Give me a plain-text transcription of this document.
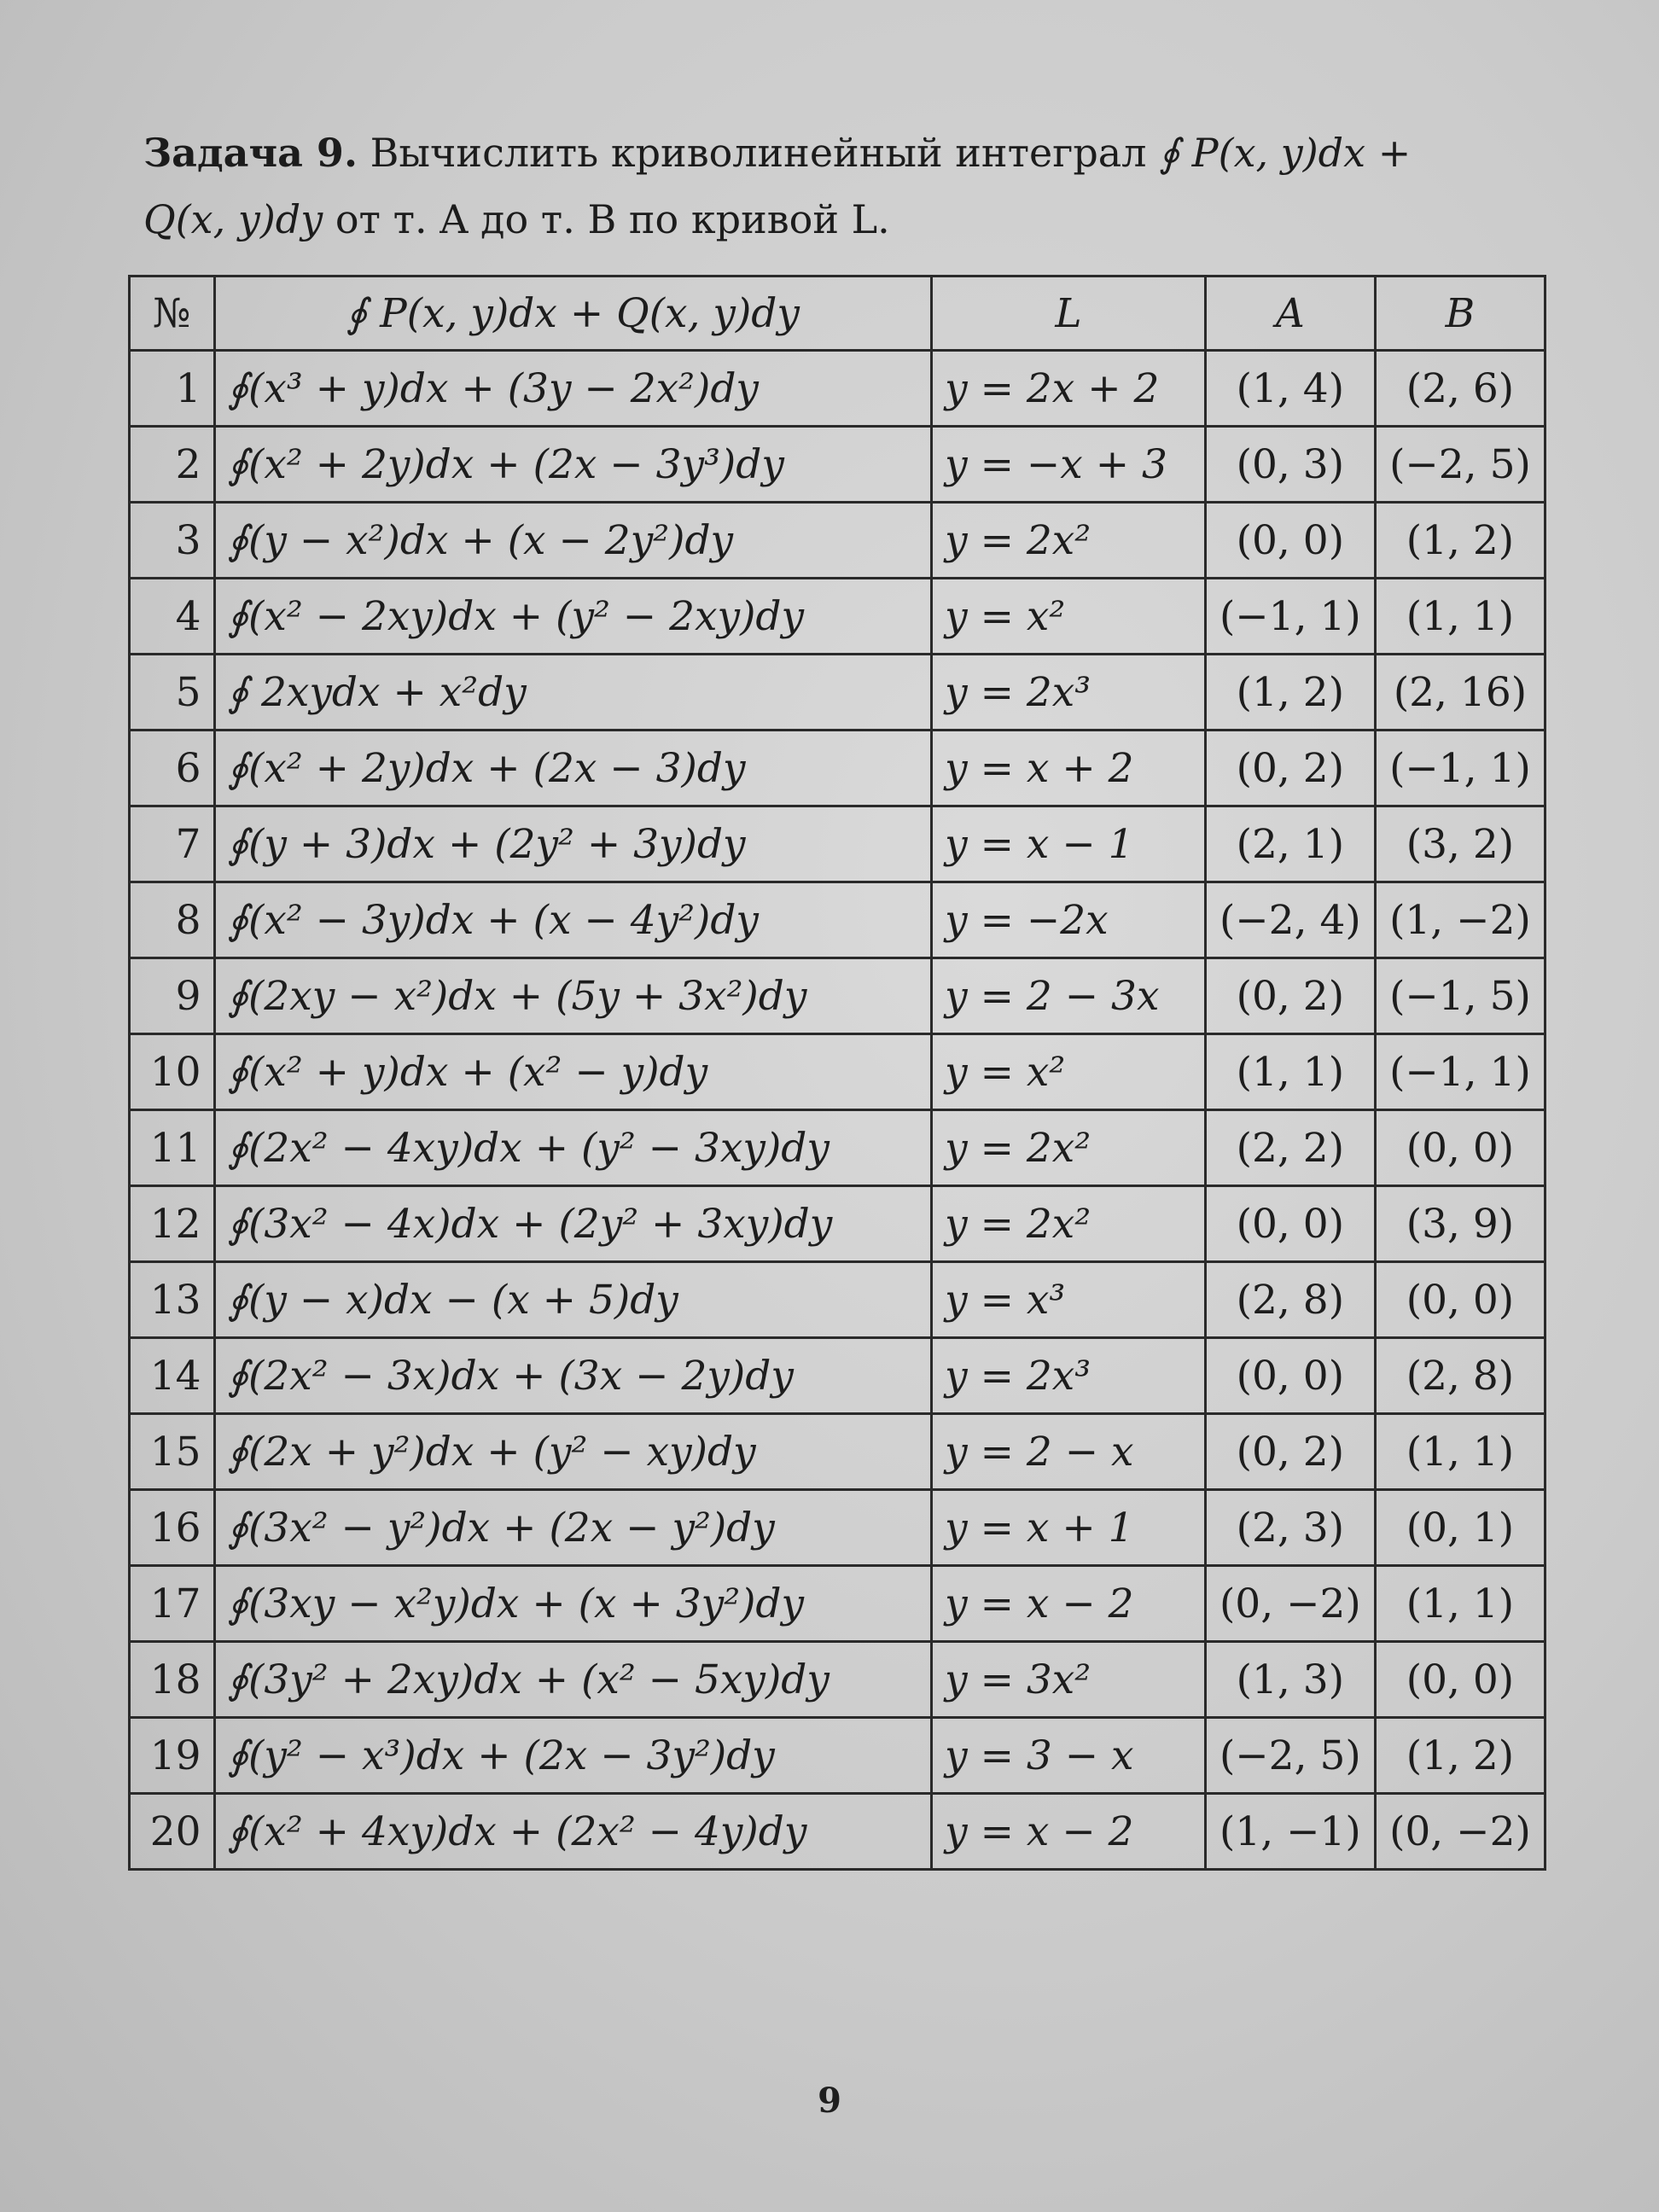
Задача 9. Вычислить криволинейный интеграл ∮ P(x, y)dx +
Q(x, y)dy от т. A до т. B по кривой L.
№	∮ P(x, y)dx + Q(x, y)dy	L	A	B
1	∮(x³ + y)dx + (3y − 2x²)dy	y = 2x + 2	(1, 4)	(2, 6)
2	∮(x² + 2y)dx + (2x − 3y³)dy	y = −x + 3	(0, 3)	(−2, 5)
3	∮(y − x²)dx + (x − 2y²)dy	y = 2x²	(0, 0)	(1, 2)
4	∮(x² − 2xy)dx + (y² − 2xy)dy	y = x²	(−1, 1)	(1, 1)
5	∮ 2xydx + x²dy	y = 2x³	(1, 2)	(2, 16)
6	∮(x² + 2y)dx + (2x − 3)dy	y = x + 2	(0, 2)	(−1, 1)
7	∮(y + 3)dx + (2y² + 3y)dy	y = x − 1	(2, 1)	(3, 2)
8	∮(x² − 3y)dx + (x − 4y²)dy	y = −2x	(−2, 4)	(1, −2)
9	∮(2xy − x²)dx + (5y + 3x²)dy	y = 2 − 3x	(0, 2)	(−1, 5)
10	∮(x² + y)dx + (x² − y)dy	y = x²	(1, 1)	(−1, 1)
11	∮(2x² − 4xy)dx + (y² − 3xy)dy	y = 2x²	(2, 2)	(0, 0)
12	∮(3x² − 4x)dx + (2y² + 3xy)dy	y = 2x²	(0, 0)	(3, 9)
13	∮(y − x)dx − (x + 5)dy	y = x³	(2, 8)	(0, 0)
14	∮(2x² − 3x)dx + (3x − 2y)dy	y = 2x³	(0, 0)	(2, 8)
15	∮(2x + y²)dx + (y² − xy)dy	y = 2 − x	(0, 2)	(1, 1)
16	∮(3x² − y²)dx + (2x − y²)dy	y = x + 1	(2, 3)	(0, 1)
17	∮(3xy − x²y)dx + (x + 3y²)dy	y = x − 2	(0, −2)	(1, 1)
18	∮(3y² + 2xy)dx + (x² − 5xy)dy	y = 3x²	(1, 3)	(0, 0)
19	∮(y² − x³)dx + (2x − 3y²)dy	y = 3 − x	(−2, 5)	(1, 2)
20	∮(x² + 4xy)dx + (2x² − 4y)dy	y = x − 2	(1, −1)	(0, −2)
9
